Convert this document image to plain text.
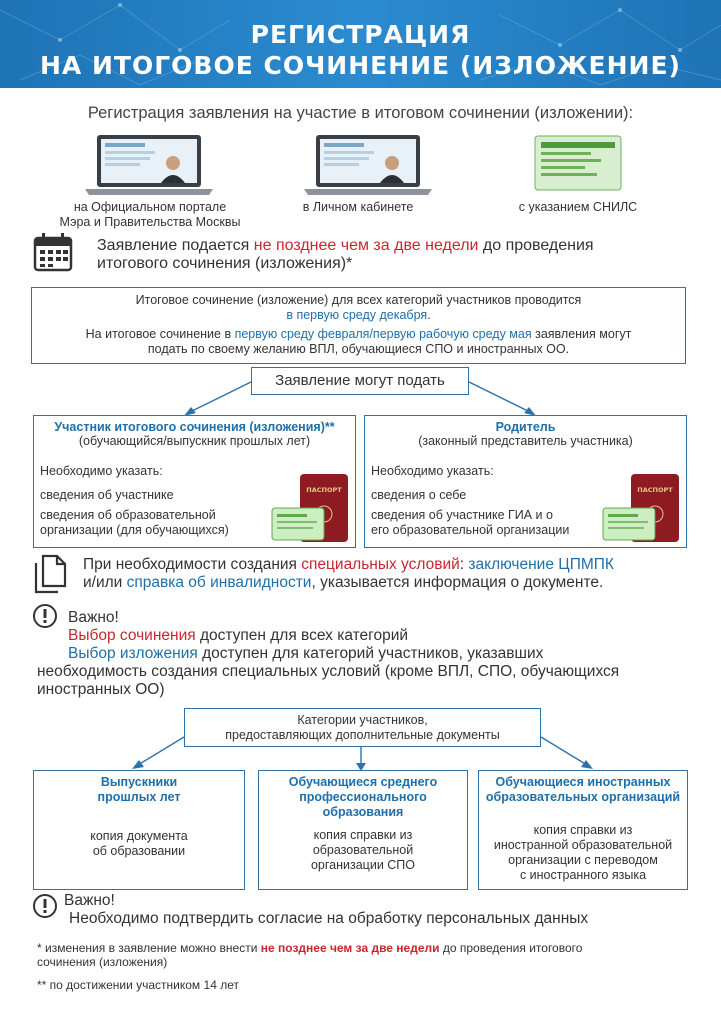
РЕГИСТРАЦИЯ
НА ИТОГОВОЕ СОЧИНЕНИЕ (ИЗЛОЖЕНИЕ)
Регистрация заявления на участие в итоговом сочинении (изложении):
на Официальном портале
Мэра и Правительства Москвы
в Личном кабинете	с указанием СНИЛС
Заявление подается не позднее чем за две недели до проведения
итогового сочинения (изложения)*
Итоговое сочинение (изложение) для всех категорий участников проводится
в первую среду декабря.
На итоговое сочинение в первую среду февраля/первую рабочую среду мая заявления могут
подать по своему желанию ВПЛ, обучающиеся СПО и иностранных ОО.
Заявление могут подать
Участник итогового сочинения (изложения)**
(обучающийся/выпускник прошлых лет)
Необходимо указать:
сведения об участнике
сведения об образовательной
организации (для обучающихся)
ПАСПОРТ
Родитель
(законный представитель участника)
Необходимо указать:
сведения о себе
сведения об участнике ГИА и о
его образовательной организации
ПАСПОРТ
При необходимости создания специальных условий: заключение ЦПМПК
и/или справка об инвалидности, указывается информация о документе.
Важно!
Выбор сочинения доступен для всех категорий
Выбор изложения доступен для категорий участников, указавших
необходимость создания специальных условий (кроме ВПЛ, СПО, обучающихся
иностранных ОО)
Категории участников,
предоставляющих дополнительные документы
Выпускники
прошлых лет
копия документа
об образовании
Обучающиеся среднего
профессионального
образования
копия справки из
образовательной
организации СПО
Обучающиеся иностранных
образовательных организаций
копия справки из
иностранной образовательной
организации с переводом
с иностранного языка
Важно!
Необходимо подтвердить согласие на обработку персональных данных
* изменения в заявление можно внести не позднее чем за две недели до проведения итогового
сочинения (изложения)
** по достижении участником 14 лет
